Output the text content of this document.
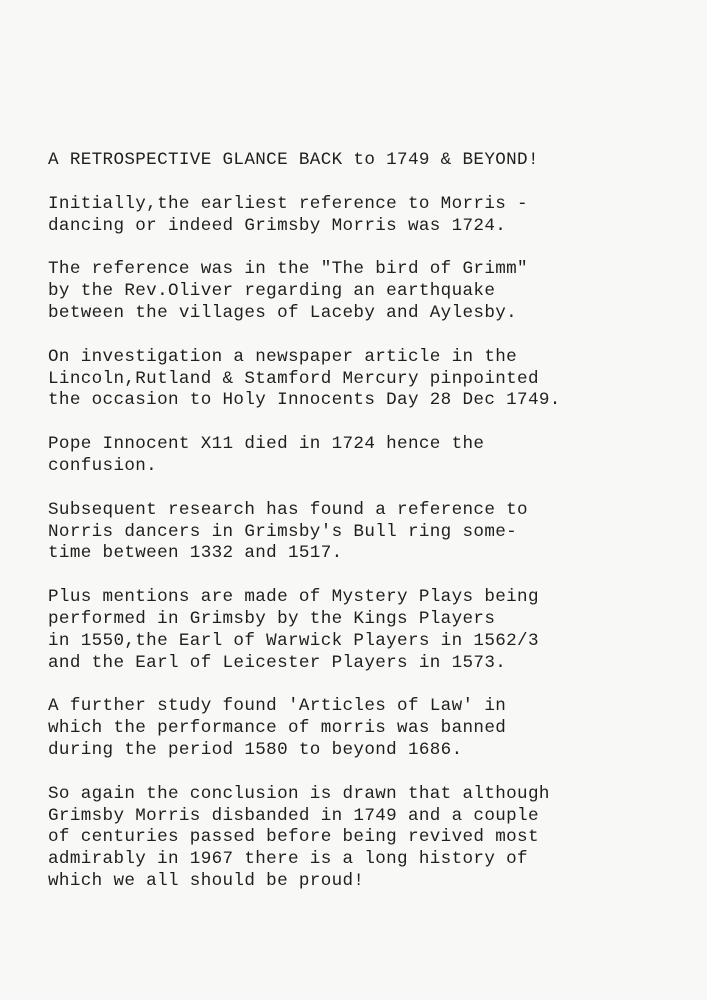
A RETROSPECTIVE GLANCE BACK to 1749 & BEYOND!
Initially,the earliest reference to Morris -
dancing or indeed Grimsby Morris was 1724.
The reference was in the "The bird of Grimm"
by the Rev.Oliver regarding an earthquake
between the villages of Laceby and Aylesby.
On investigation a newspaper article in the
Lincoln,Rutland & Stamford Mercury pinpointed
the occasion to Holy Innocents Day 28 Dec 1749.
Pope Innocent X11 died in 1724 hence the
confusion.
Subsequent research has found a reference to
Norris dancers in Grimsby's Bull ring some-
time between 1332 and 1517.
Plus mentions are made of Mystery Plays being
performed in Grimsby by the Kings Players
in 1550,the Earl of Warwick Players in 1562/3
and the Earl of Leicester Players in 1573.
A further study found 'Articles of Law' in
which the performance of morris was banned
during the period 1580 to beyond 1686.
So again the conclusion is drawn that although
Grimsby Morris disbanded in 1749 and a couple
of centuries passed before being revived most
admirably in 1967 there is a long history of
which we all should be proud!
